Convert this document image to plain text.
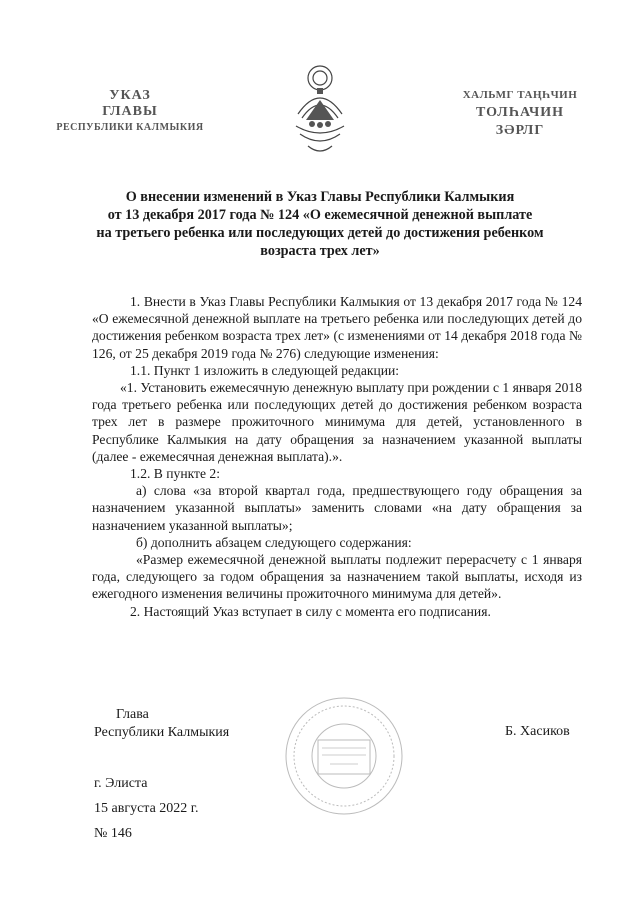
УКАЗ
ГЛАВЫ
РЕСПУБЛИКИ КАЛМЫКИЯ
ХАЛЬМГ ТАҢҺЧИН
ТОЛҺАЧИН
ЗӘРЛГ
О внесении изменений в Указ Главы Республики Калмыкия
от 13 декабря 2017 года № 124 «О ежемесячной денежной выплате
на третьего ребенка или последующих детей до достижения ребенком
возраста трех лет»

1. Внести в Указ Главы Республики Калмыкия от 13 декабря 2017 года № 124 «О ежемесячной денежной выплате на третьего ребенка или последующих детей до достижения ребенком возраста трех лет» (с изменениями от 14 декабря 2018 года № 126, от 25 декабря 2019 года № 276) следующие изменения:

1.1. Пункт 1 изложить в следующей редакции:

«1. Установить ежемесячную денежную выплату при рождении с 1 января 2018 года третьего ребенка или последующих детей до достижения ребенком возраста трех лет в размере прожиточного минимума для детей, установленного в Республике Калмыкия на дату обращения за назначением указанной выплаты (далее - ежемесячная денежная выплата).».

1.2. В пункте 2:

а) слова «за второй квартал года, предшествующего году обращения за назначением указанной выплаты» заменить словами «на дату обращения за назначением указанной выплаты»;

б) дополнить абзацем следующего содержания:

«Размер ежемесячной денежной выплаты подлежит перерасчету с 1 января года, следующего за годом обращения за назначением такой выплаты, исходя из ежегодного изменения величины прожиточного минимума для детей».

2. Настоящий Указ вступает в силу с момента его подписания.

Глава
Республики Калмыкия	Б. Хасиков
г. Элиста
15 августа 2022 г.
№ 146
